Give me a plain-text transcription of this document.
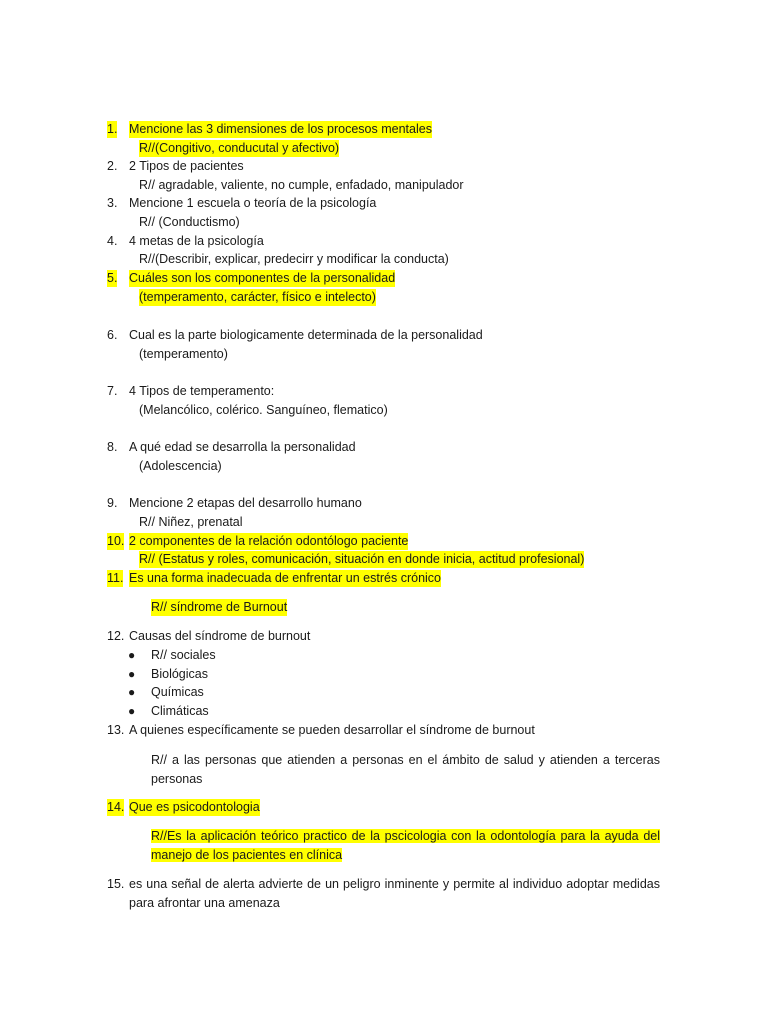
1. Mencione las 3 dimensiones de los procesos mentales
R//(Congitivo, conducutal y afectivo)
2. 2 Tipos de pacientes
R// agradable, valiente, no cumple, enfadado, manipulador
3. Mencione 1 escuela o teoría de la psicología
R// (Conductismo)
4. 4 metas de la psicología
R//(Describir, explicar, predecirr y modificar la conducta)
5. Cuáles son los componentes de la personalidad
(temperamento, carácter, físico e intelecto)
6. Cual es la parte biologicamente determinada de la personalidad
(temperamento)
7. 4 Tipos de temperamento:
(Melancólico, colérico. Sanguíneo, flematico)
8. A qué edad se desarrolla la personalidad
(Adolescencia)
9. Mencione 2 etapas del desarrollo humano
R// Niñez, prenatal
10. 2 componentes de la relación odontólogo paciente
R// (Estatus y roles, comunicación, situación en donde inicia, actitud profesional)
11. Es una forma inadecuada de enfrentar un estrés crónico
R// síndrome de Burnout
12. Causas del síndrome de burnout
● R// sociales
● Biológicas
● Químicas
● Climáticas
13. A quienes específicamente se pueden desarrollar el síndrome de burnout
R// a las personas que atienden a personas en el ámbito de salud y atienden a terceras personas
14. Que es psicodontologia
R//Es la aplicación teórico practico de la pscicologia con la odontología para la ayuda del manejo de los pacientes en clínica
15. es una señal de alerta advierte de un peligro inminente y permite al individuo adoptar medidas para afrontar una amenaza
